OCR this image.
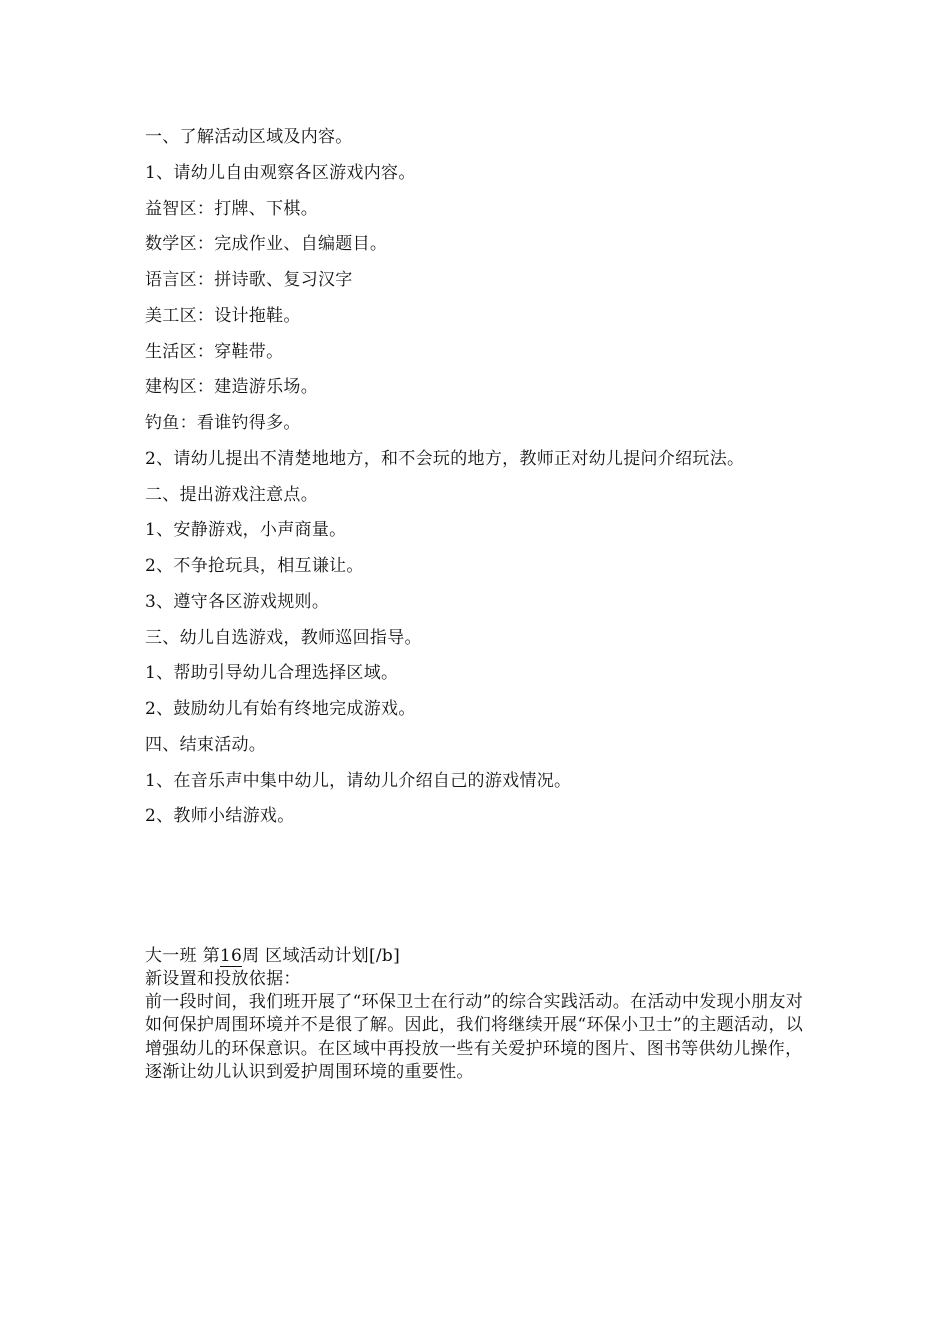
一、了解活动区域及内容。
1、请幼儿自由观察各区游戏内容。
益智区：打牌、下棋。
数学区：完成作业、自编题目。
语言区：拼诗歌、复习汉字
美工区：设计拖鞋。
生活区：穿鞋带。
建构区：建造游乐场。
钓鱼：看谁钓得多。
2、请幼儿提出不清楚地地方，和不会玩的地方，教师正对幼儿提问介绍玩法。
二、提出游戏注意点。
1、安静游戏，小声商量。
2、不争抢玩具，相互谦让。
3、遵守各区游戏规则。
三、幼儿自选游戏，教师巡回指导。
1、帮助引导幼儿合理选择区域。
2、鼓励幼儿有始有终地完成游戏。
四、结束活动。
1、在音乐声中集中幼儿，请幼儿介绍自己的游戏情况。
2、教师小结游戏。
大一班 第16周 区域活动计划[/b]
新设置和投放依据：
前一段时间，我们班开展了“环保卫士在行动”的综合实践活动。在活动中发现小朋友对如何保护周围环境并不是很了解。因此，我们将继续开展“环保小卫士”的主题活动，以增强幼儿的环保意识。在区域中再投放一些有关爱护环境的图片、图书等供幼儿操作，逐渐让幼儿认识到爱护周围环境的重要性。
